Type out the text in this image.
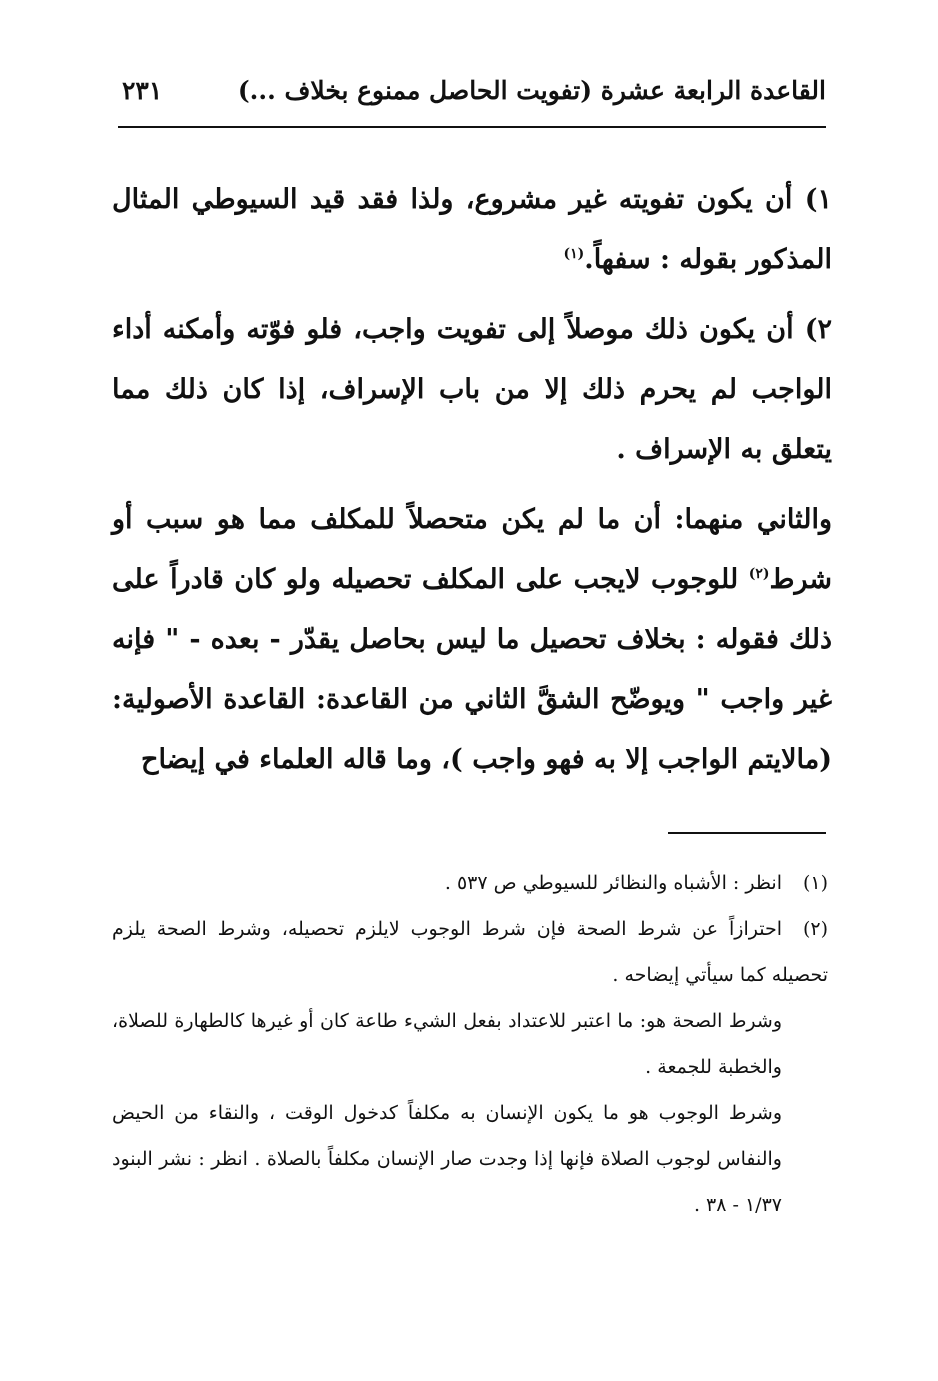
القاعدة الرابعة عشرة (تفويت الحاصل ممنوع بخلاف ...)
٢٣١

١) أن يكون تفويته غير مشروع، ولذا فقد قيد السيوطي المثال المذكور بقوله : سفهاً.$^{(١)}$

٢) أن يكون ذلك موصلاً إلى تفويت واجب، فلو فوّته وأمكنه أداء الواجب لم يحرم ذلك إلا من باب الإسراف، إذا كان ذلك مما يتعلق به الإسراف .

والثاني منهما: أن ما لم يكن متحصلاً للمكلف مما هو سبب أو شرط$^{(٢)}$ للوجوب لايجب على المكلف تحصيله ولو كان قادراً على ذلك فقوله : بخلاف تحصيل ما ليس بحاصل يقدّر - بعده - " فإنه غير واجب " ويوضّح الشقَّ الثاني من القاعدة: القاعدة الأصولية: (مالايتم الواجب إلا به فهو واجب )، وما قاله العلماء في إيضاح

(١)انظر : الأشباه والنظائر للسيوطي ص ٥٣٧ .

(٢)احترازاً عن شرط الصحة فإن شرط الوجوب لايلزم تحصيله، وشرط الصحة يلزم تحصيله كما سيأتي إيضاحه .

وشرط الصحة هو: ما اعتبر للاعتداد بفعل الشيء طاعة كان أو غيرها كالطهارة للصلاة، والخطبة للجمعة .

وشرط الوجوب هو ما يكون الإنسان به مكلفاً كدخول الوقت ، والنقاء من الحيض والنفاس لوجوب الصلاة فإنها إذا وجدت صار الإنسان مكلفاً بالصلاة . انظر : نشر البنود ١/٣٧ - ٣٨ .
